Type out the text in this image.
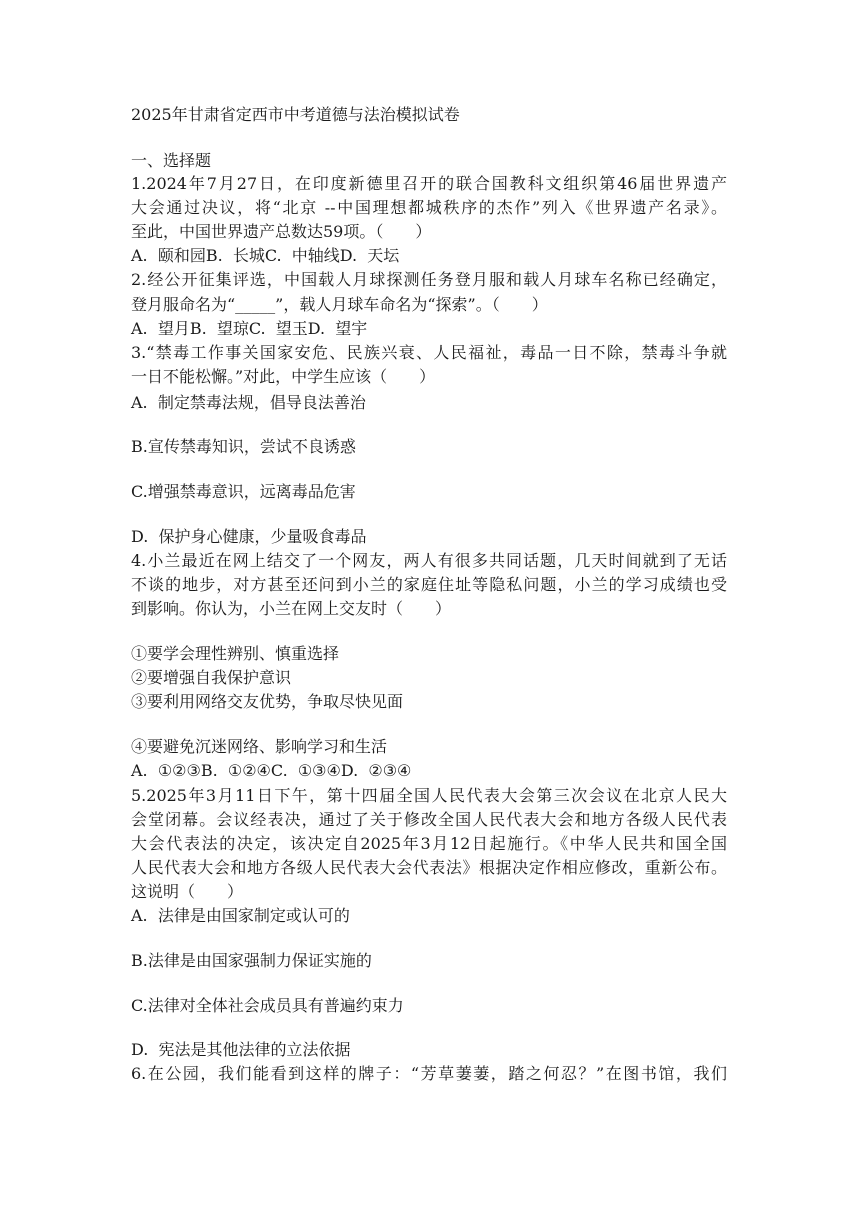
2025年甘肃省定西市中考道德与法治模拟试卷
一、选择题
1.2024年7月27日，在印度新德里召开的联合国教科文组织第46届世界遗产
大会通过决议，将“北京 --中国理想都城秩序的杰作”列入《世界遗产名录》。
至此，中国世界遗产总数达59项。（　　）
A.  颐和园B.  长城C.  中轴线D.  天坛
2.经公开征集评选，中国载人月球探测任务登月服和载人月球车名称已经确定，
登月服命名为“_____”，载人月球车命名为“探索”。（　　）
A.  望月B.  望琼C.  望玉D.  望宇
3.“禁毒工作事关国家安危、民族兴衰、人民福祉，毒品一日不除，禁毒斗争就
一日不能松懈。”对此，中学生应该（　　）
A.  制定禁毒法规，倡导良法善治
B.宣传禁毒知识，尝试不良诱惑
C.增强禁毒意识，远离毒品危害
D.  保护身心健康，少量吸食毒品
4.小兰最近在网上结交了一个网友，两人有很多共同话题，几天时间就到了无话
不谈的地步，对方甚至还问到小兰的家庭住址等隐私问题，小兰的学习成绩也受
到影响。你认为，小兰在网上交友时（　　）
①要学会理性辨别、慎重选择
②要增强自我保护意识
③要利用网络交友优势，争取尽快见面
④要避免沉迷网络、影响学习和生活
A.  ①②③B.  ①②④C.  ①③④D.  ②③④
5.2025年3月11日下午，第十四届全国人民代表大会第三次会议在北京人民大
会堂闭幕。会议经表决，通过了关于修改全国人民代表大会和地方各级人民代表
大会代表法的决定，该决定自2025年3月12日起施行。《中华人民共和国全国
人民代表大会和地方各级人民代表大会代表法》根据决定作相应修改，重新公布。
这说明（　　）
A.  法律是由国家制定或认可的
B.法律是由国家强制力保证实施的
C.法律对全体社会成员具有普遍约束力
D.  宪法是其他法律的立法依据
6.在公园，我们能看到这样的牌子：“芳草萋萋，踏之何忍？”在图书馆，我们
